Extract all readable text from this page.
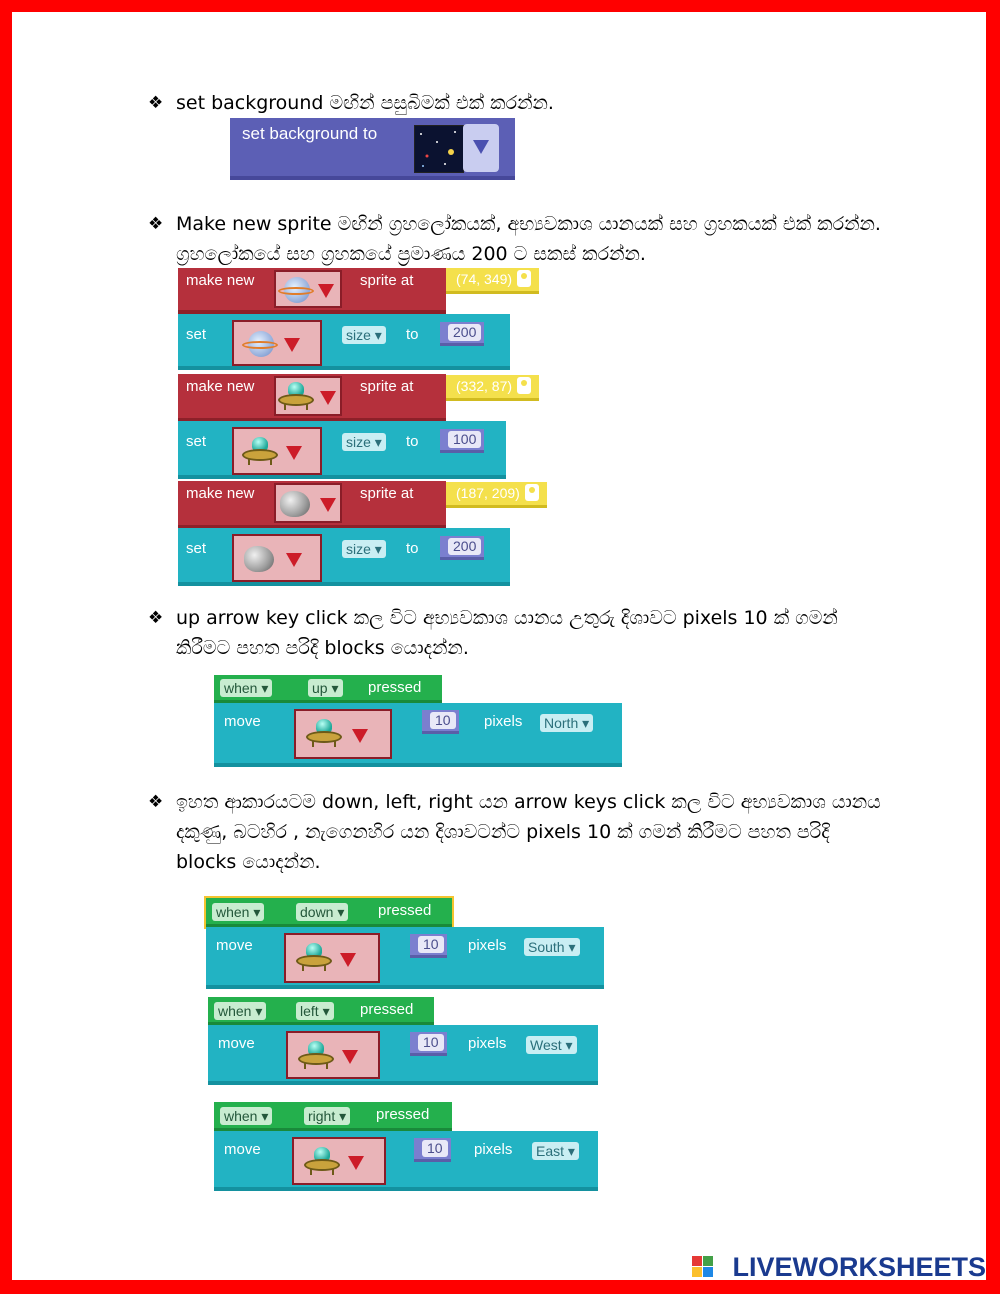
❖ set background මඟින් පසුබිමක් එක් කරන්න.
set background to
❖ Make new sprite මඟින් ග්‍රහලෝකයක්, අභ්‍යවකාශ යානයක් සහ ග්‍රහකයක් එක් කරන්න. ග්‍රහලෝකයේ සහ ග්‍රහකයේ ප්‍රමාණය 200 ට සකස් කරන්න.
make new	sprite at	(74, 349)
set	size ▾ to	200
make new	sprite at	(332, 87)
set	size ▾ to	100
make new	sprite at	(187, 209)
set	size ▾ to	200
❖ up arrow key click කල විට අභ්‍යවකාශ යානය උතුරු දිශාවට pixels 10 ක් ගමන් කිරීමට පහත පරිදි blocks යොදන්න.
when ▾	up ▾ pressed
move	10	pixels North ▾
❖ ඉහත ආකාරයටම down, left, right යන arrow keys click කල විට අභ්‍යවකාශ යානය දකුණු, බටහිර , නැගෙනහිර යන දිශාවටන්ට pixels 10 ක් ගමන් කිරීමට පහත පරිදි blocks යොදන්න.
when ▾	down ▾ pressed
move	10	pixels South ▾
when ▾	left ▾ pressed
move	10	pixels West ▾
when ▾	right ▾ pressed
move	10	pixels East ▾
LIVEWORKSHEETS
